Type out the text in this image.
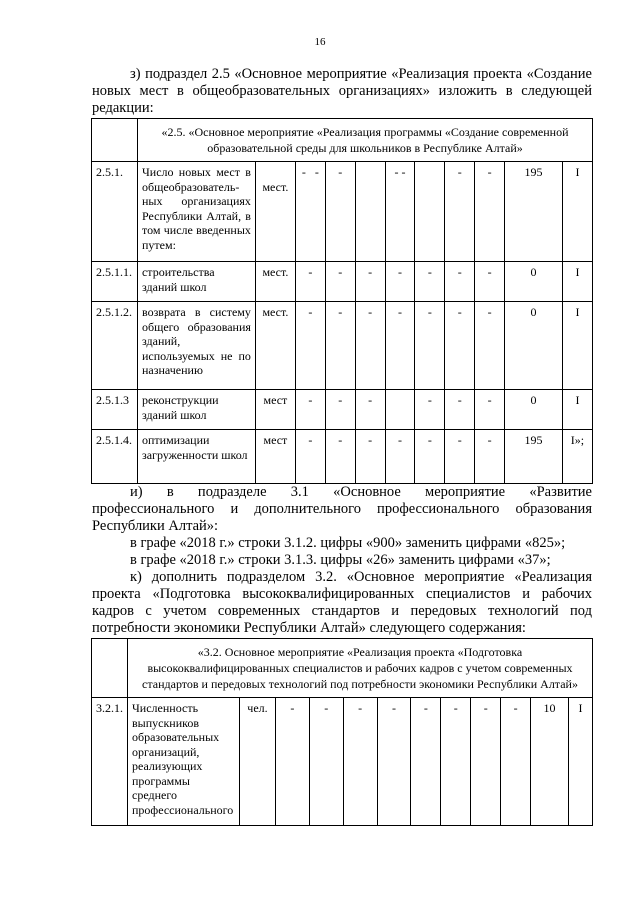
16
з) подраздел 2.5 «Основное мероприятие «Реализация проекта «Создание новых мест в общеобразовательных организациях» изложить в следующей редакции:
	«2.5. «Основное мероприятие «Реализация программы «Создание современной образовательной среды для школьников в Республике Алтай»										
2.5.1.	Число новых мест в общеобразователь-ных организациях Республики Алтай, в том числе введенных путем:	мест.	- -	-		- -		-	-	195	I
2.5.1.1.	строительства зданий школ	мест.	-	-	-	-	-	-	-	0	I
2.5.1.2.	возврата в систему общего образования зданий, используемых не по назначению	мест.	-	-	-	-	-	-	-	0	I
2.5.1.3	реконструкции зданий школ	мест	-	-	-		-	-	-	0	I
2.5.1.4.	оптимизации загруженности школ	мест	-	-	-	-	-	-	-	195	I»;
и) в подразделе 3.1 «Основное мероприятие «Развитие профессионального и дополнительного профессионального образования Республики Алтай»:
в графе «2018 г.» строки 3.1.2. цифры «900» заменить цифрами «825»;
в графе «2018 г.» строки 3.1.3. цифры «26» заменить цифрами «37»;
к) дополнить подразделом 3.2. «Основное мероприятие «Реализация проекта «Подготовка высококвалифицированных специалистов и рабочих кадров с учетом современных стандартов и передовых технологий под потребности экономики Республики Алтай» следующего содержания:
	«3.2. Основное мероприятие «Реализация проекта «Подготовка высококвалифицированных специалистов и рабочих кадров с учетом современных стандартов и передовых технологий под потребности экономики Республики Алтай»											
3.2.1.	Численность выпускников образовательных организаций, реализующих программы среднего профессионального	чел.	-	-	-	-	-	-	-	-	10	I
